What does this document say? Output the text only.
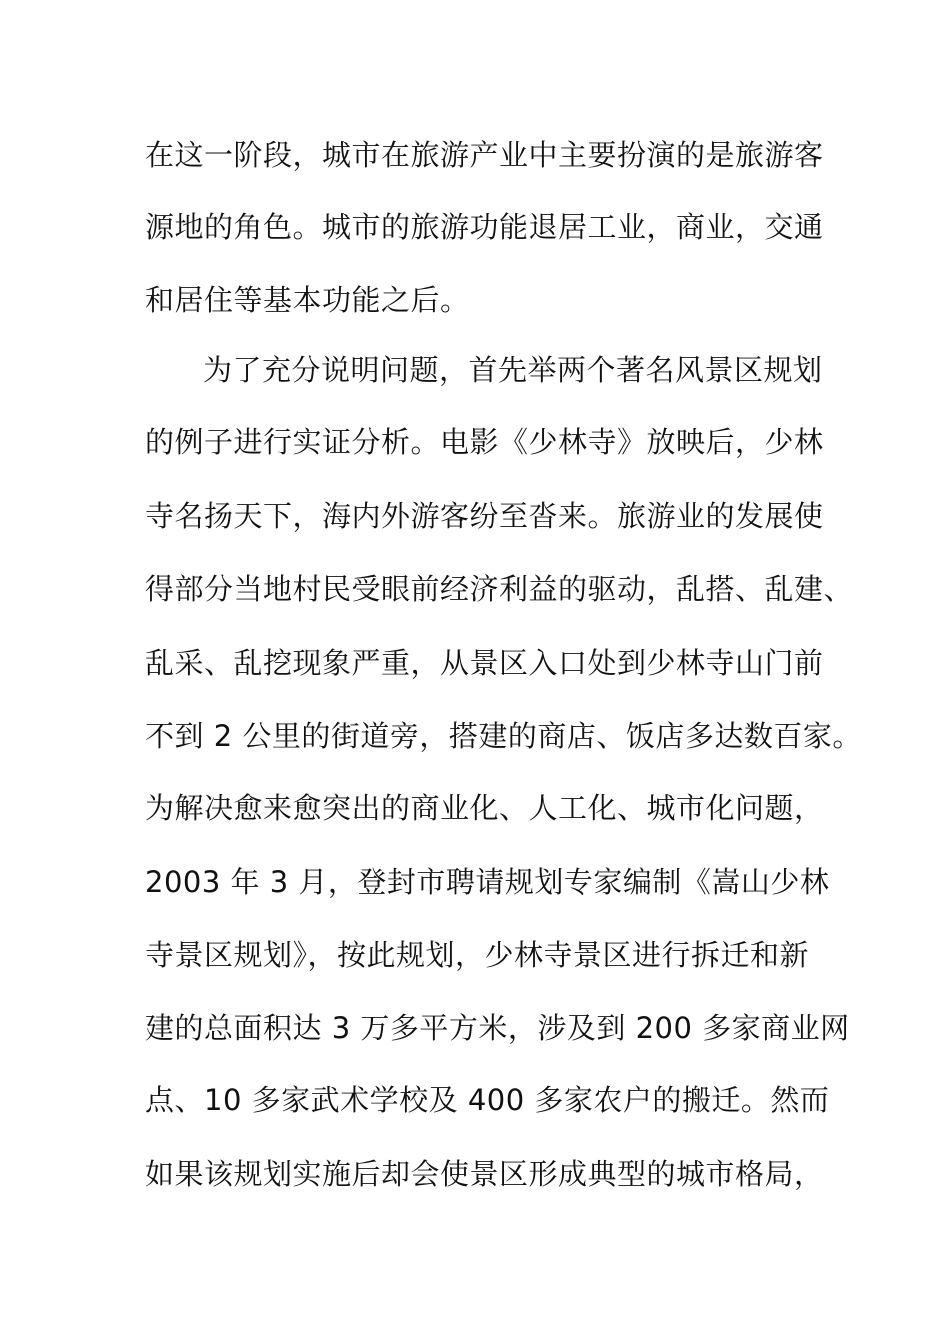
在这一阶段，城市在旅游产业中主要扮演的是旅游客
源地的角色。城市的旅游功能退居工业，商业，交通
和居住等基本功能之后。
为了充分说明问题，首先举两个著名风景区规划
的例子进行实证分析。电影《少林寺》放映后，少林
寺名扬天下，海内外游客纷至沓来。旅游业的发展使
得部分当地村民受眼前经济利益的驱动，乱搭、乱建、
乱采、乱挖现象严重，从景区入口处到少林寺山门前
不到 2 公里的街道旁，搭建的商店、饭店多达数百家。
为解决愈来愈突出的商业化、人工化、城市化问题，
2003 年 3 月，登封市聘请规划专家编制《嵩山少林
寺景区规划》，按此规划，少林寺景区进行拆迁和新
建的总面积达 3 万多平方米，涉及到 200 多家商业网
点、10 多家武术学校及 400 多家农户的搬迁。然而
如果该规划实施后却会使景区形成典型的城市格局，
